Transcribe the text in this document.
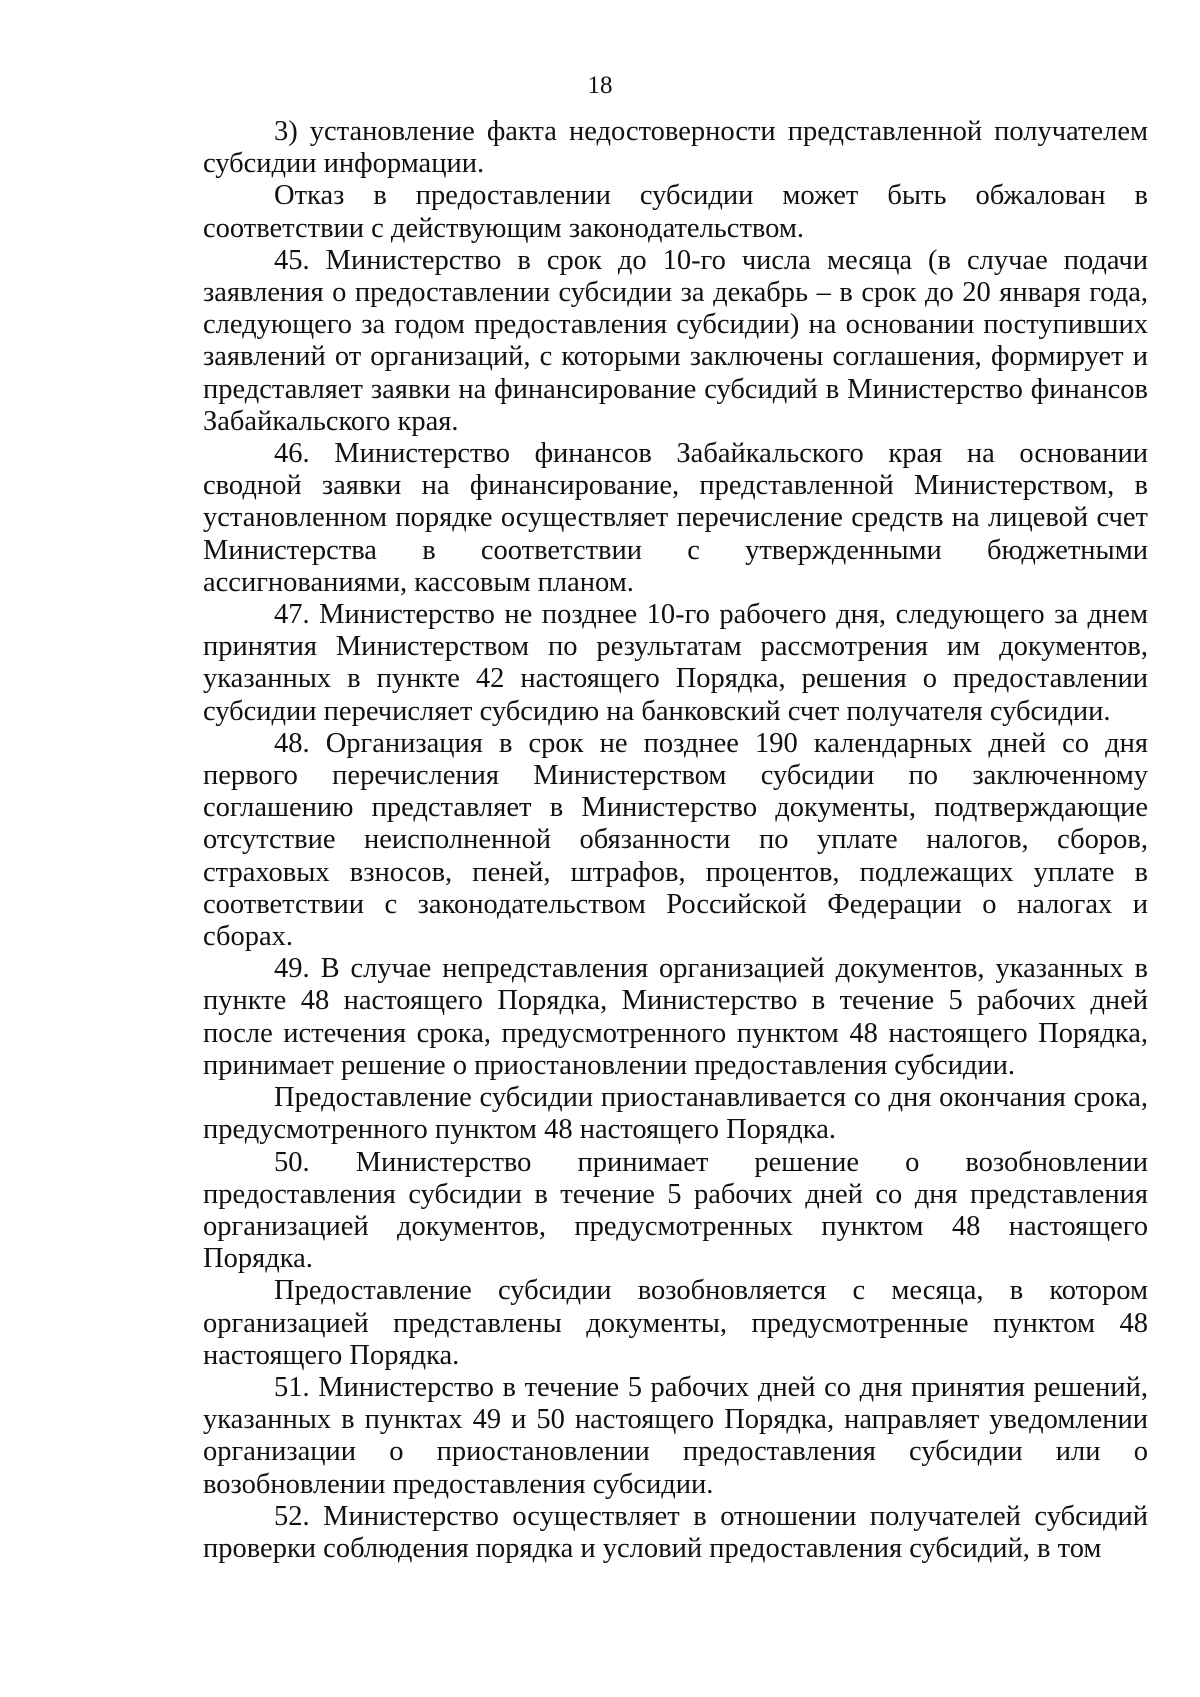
18

3) установление факта недостоверности представленной получателем субсидии информации.

Отказ в предоставлении субсидии может быть обжалован в соответствии с действующим законодательством.

45. Министерство в срок до 10-го числа месяца (в случае подачи заявления о предоставлении субсидии за декабрь – в срок до 20 января года, следующего за годом предоставления субсидии) на основании поступивших заявлений от организаций, с которыми заключены соглашения, формирует и представляет заявки на финансирование субсидий в Министерство финансов Забайкальского края.

46. Министерство финансов Забайкальского края на основании сводной заявки на финансирование, представленной Министерством, в установленном порядке осуществляет перечисление средств на лицевой счет Министерства в соответствии с утвержденными бюджетными ассигнованиями, кассовым планом.

47. Министерство не позднее 10-го рабочего дня, следующего за днем принятия Министерством по результатам рассмотрения им документов, указанных в пункте 42 настоящего Порядка, решения о предоставлении субсидии перечисляет субсидию на банковский счет получателя субсидии.

48. Организация в срок не позднее 190 календарных дней со дня первого перечисления Министерством субсидии по заключенному соглашению представляет в Министерство документы, подтверждающие отсутствие неисполненной обязанности по уплате налогов, сборов, страховых взносов, пеней, штрафов, процентов, подлежащих уплате в соответствии с законодательством Российской Федерации о налогах и сборах.

49. В случае непредставления организацией документов, указанных в пункте 48 настоящего Порядка, Министерство в течение 5 рабочих дней после истечения срока, предусмотренного пунктом 48 настоящего Порядка, принимает решение о приостановлении предоставления субсидии.

Предоставление субсидии приостанавливается со дня окончания срока, предусмотренного пунктом 48 настоящего Порядка.

50. Министерство принимает решение о возобновлении предоставления субсидии в течение 5 рабочих дней со дня представления организацией документов, предусмотренных пунктом 48 настоящего Порядка.

Предоставление субсидии возобновляется с месяца, в котором организацией представлены документы, предусмотренные пунктом 48 настоящего Порядка.

51. Министерство в течение 5 рабочих дней со дня принятия решений, указанных в пунктах 49 и 50 настоящего Порядка, направляет уведомлении организации о приостановлении предоставления субсидии или о возобновлении предоставления субсидии.

52. Министерство осуществляет в отношении получателей субсидий проверки соблюдения порядка и условий предоставления субсидий, в том
